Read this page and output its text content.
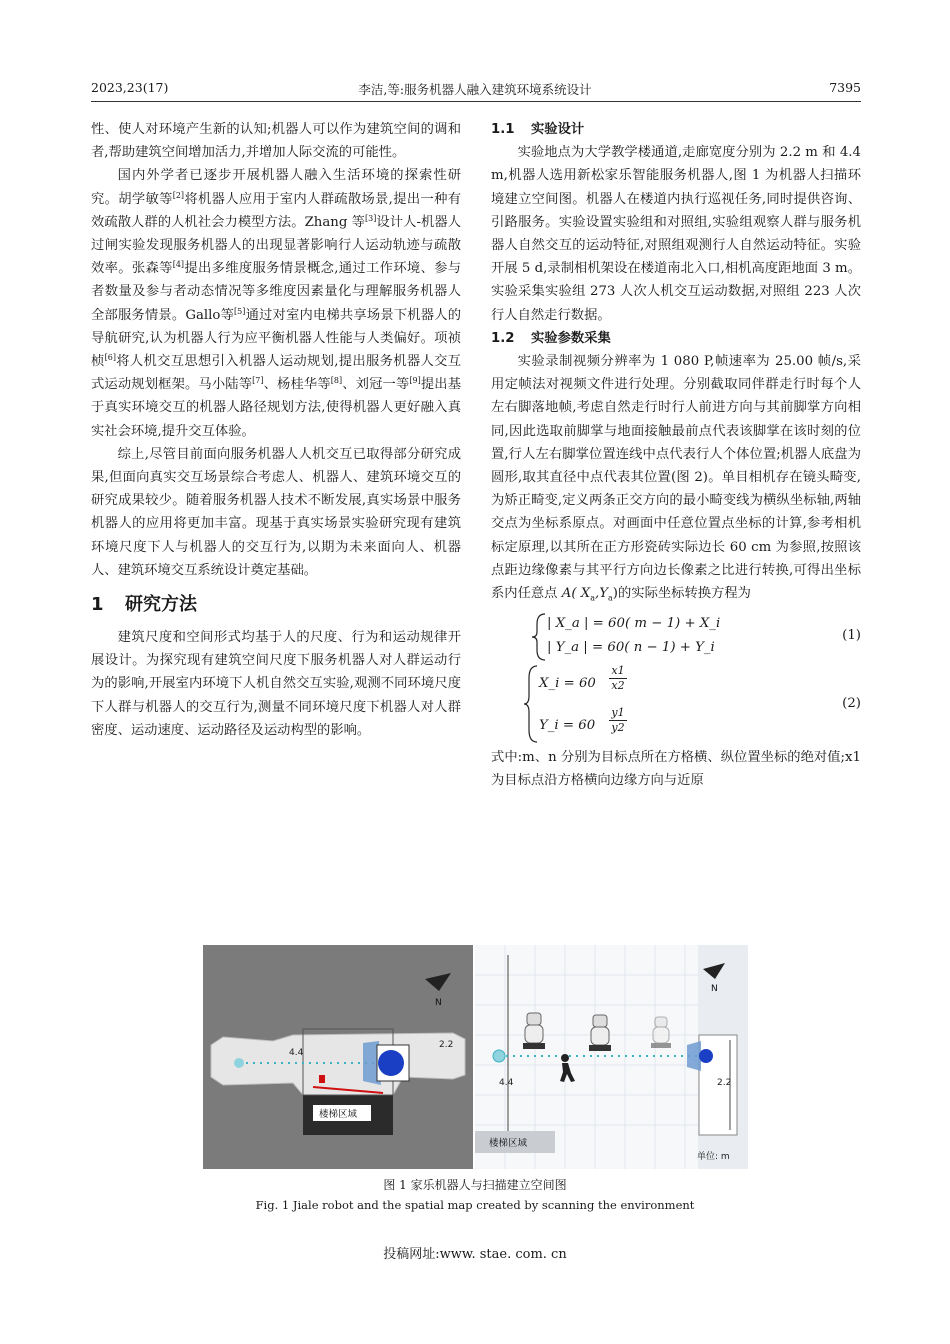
2023,23(17)	李洁,等:服务机器人融入建筑环境系统设计	7395

性、使人对环境产生新的认知;机器人可以作为建筑空间的调和者,帮助建筑空间增加活力,并增加人际交流的可能性。

国内外学者已逐步开展机器人融入生活环境的探索性研究。胡学敏等[2]将机器人应用于室内人群疏散场景,提出一种有效疏散人群的人机社会力模型方法。Zhang 等[3]设计人-机器人过闸实验发现服务机器人的出现显著影响行人运动轨迹与疏散效率。张森等[4]提出多维度服务情景概念,通过工作环境、参与者数量及参与者动态情况等多维度因素量化与理解服务机器人全部服务情景。Gallo等[5]通过对室内电梯共享场景下机器人的导航研究,认为机器人行为应平衡机器人性能与人类偏好。项祯桢[6]将人机交互思想引入机器人运动规划,提出服务机器人交互式运动规划框架。马小陆等[7]、杨桂华等[8]、刘冠一等[9]提出基于真实环境交互的机器人路径规划方法,使得机器人更好融入真实社会环境,提升交互体验。

综上,尽管目前面向服务机器人人机交互已取得部分研究成果,但面向真实交互场景综合考虑人、机器人、建筑环境交互的研究成果较少。随着服务机器人技术不断发展,真实场景中服务机器人的应用将更加丰富。现基于真实场景实验研究现有建筑环境尺度下人与机器人的交互行为,以期为未来面向人、机器人、建筑环境交互系统设计奠定基础。

1 研究方法

建筑尺度和空间形式均基于人的尺度、行为和运动规律开展设计。为探究现有建筑空间尺度下服务机器人对人群运动行为的影响,开展室内环境下人机自然交互实验,观测不同环境尺度下人群与机器人的交互行为,测量不同环境尺度下机器人对人群密度、运动速度、运动路径及运动构型的影响。

1.1 实验设计

实验地点为大学教学楼通道,走廊宽度分别为 2.2 m 和 4.4 m,机器人选用新松家乐智能服务机器人,图 1 为机器人扫描环境建立空间图。机器人在楼道内执行巡视任务,同时提供咨询、引路服务。实验设置实验组和对照组,实验组观察人群与服务机器人自然交互的运动特征,对照组观测行人自然运动特征。实验开展 5 d,录制相机架设在楼道南北入口,相机高度距地面 3 m。实验采集实验组 273 人次人机交互运动数据,对照组 223 人次行人自然走行数据。

1.2 实验参数采集

实验录制视频分辨率为 1 080 P,帧速率为 25.00 帧/s,采用定帧法对视频文件进行处理。分别截取同伴群走行时每个人左右脚落地帧,考虑自然走行时行人前进方向与其前脚掌方向相同,因此选取前脚掌与地面接触最前点代表该脚掌在该时刻的位置,行人左右脚掌位置连线中点代表行人个体位置;机器人底盘为圆形,取其直径中点代表其位置(图 2)。单目相机存在镜头畸变,为矫正畸变,定义两条正交方向的最小畸变线为横纵坐标轴,两轴交点为坐标系原点。对画面中任意位置点坐标的计算,参考相机标定原理,以其所在正方形瓷砖实际边长 60 cm 为参照,按照该点距边缘像素与其平行方向边长像素之比进行转换,可得出坐标系内任意点 A( $X_a,Y_a$)的实际坐标转换方程为

| X_a | = 60( m − 1) + X_i
| Y_a | = 60( n − 1) + Y_i
(1)
X_i = 60
x1
x2
Y_i = 60
y1
y2
(2)

式中:m、n 分别为目标点所在方格横、纵位置坐标的绝对值;x1 为目标点沿方格横向边缘方向与近原

4.4
2.2
楼梯区域
N
4.4	2.2
楼梯区域
单位: m
N
图 1 家乐机器人与扫描建立空间图
Fig. 1 Jiale robot and the spatial map created by scanning the environment
投稿网址:www. stae. com. cn
